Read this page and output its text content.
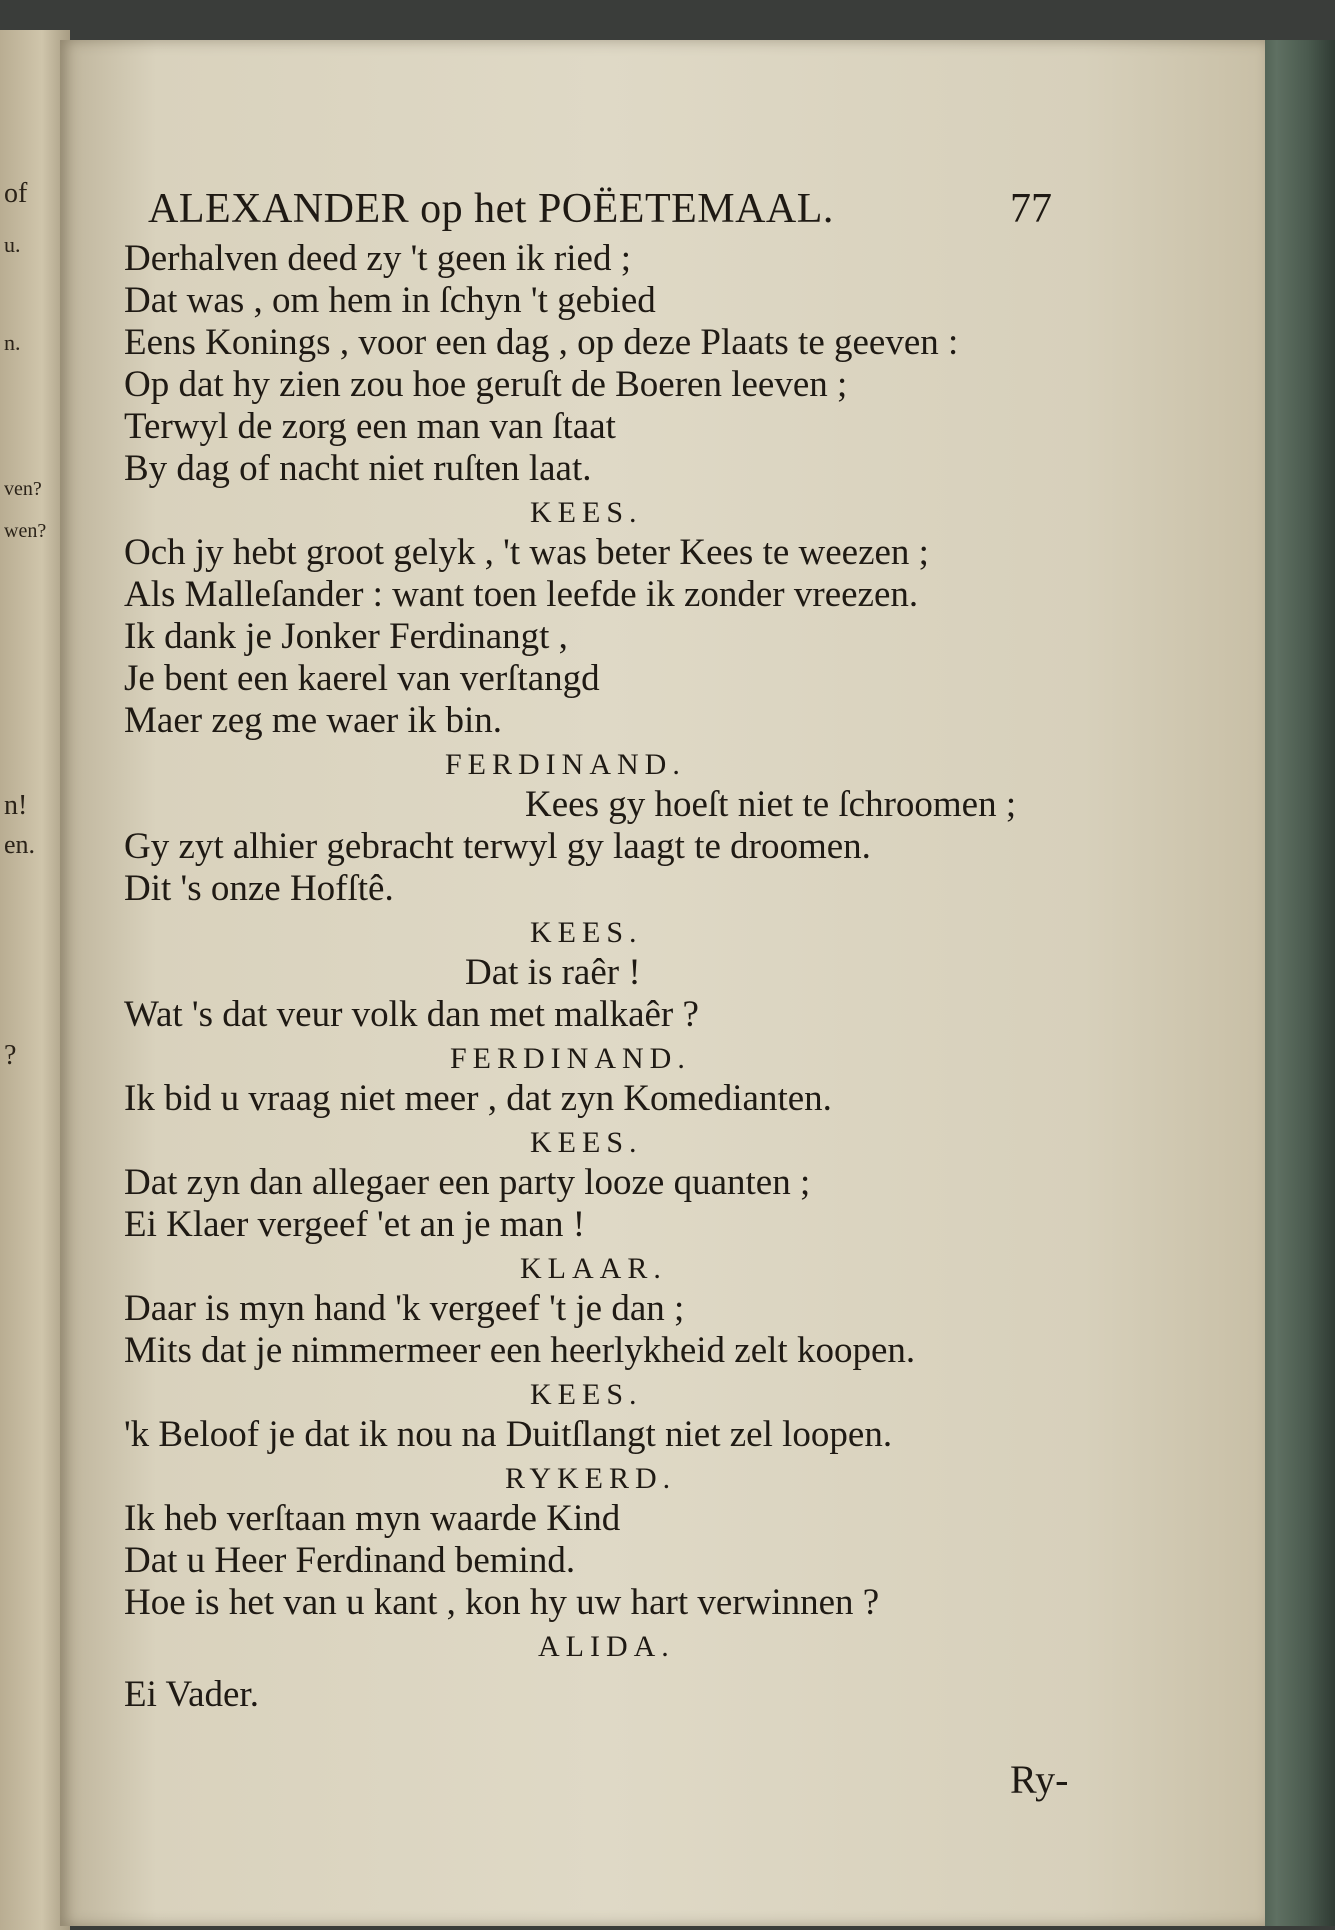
of
u.
n.
ven?
wen?
n!
en.
?
ALEXANDER op het POËETEMAAL.	77
Derhalven deed zy 't geen ik ried ;
Dat was , om hem in ſchyn 't gebied
Eens Konings , voor een dag , op deze Plaats te geeven :
Op dat hy zien zou hoe geruſt de Boeren leeven ;
Terwyl de zorg een man van ſtaat
By dag of nacht niet ruſten laat.
KEES.
Och jy hebt groot gelyk , 't was beter Kees te weezen ;
Als Malleſander : want toen leefde ik zonder vreezen.
Ik dank je Jonker Ferdinangt ,
Je bent een kaerel van verſtangd
Maer zeg me waer ik bin.
FERDINAND.
Kees gy hoeſt niet te ſchroomen ;
Gy zyt alhier gebracht terwyl gy laagt te droomen.
Dit 's onze Hofſtê.
KEES.
Dat is raêr !
Wat 's dat veur volk dan met malkaêr ?
FERDINAND.
Ik bid u vraag niet meer , dat zyn Komedianten.
KEES.
Dat zyn dan allegaer een party looze quanten ;
Ei Klaer vergeef 'et an je man !
KLAAR.
Daar is myn hand 'k vergeef 't je dan ;
Mits dat je nimmermeer een heerlykheid zelt koopen.
KEES.
'k Beloof je dat ik nou na Duitſlangt niet zel loopen.
RYKERD.
Ik heb verſtaan myn waarde Kind
Dat u Heer Ferdinand bemind.
Hoe is het van u kant , kon hy uw hart verwinnen ?
ALIDA.
Ei Vader.
Ry-
